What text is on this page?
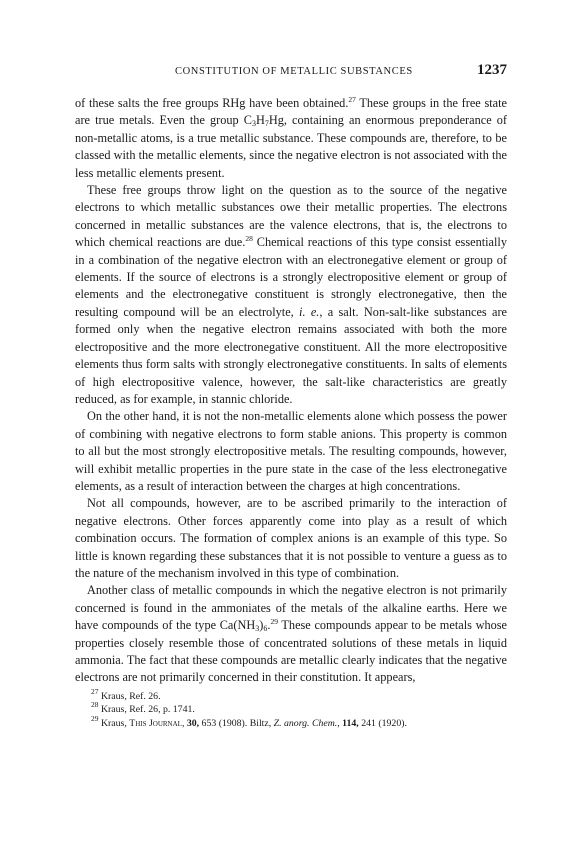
CONSTITUTION OF METALLIC SUBSTANCES	1237

of these salts the free groups RHg have been obtained.$^{27}$ These groups in the free state are true metals. Even the group $C_3H_7Hg$, containing an enormous preponderance of non-metallic atoms, is a true metallic substance. These compounds are, therefore, to be classed with the metallic elements, since the negative electron is not associated with the less metallic elements present.

These free groups throw light on the question as to the source of the negative electrons to which metallic substances owe their metallic properties. The electrons concerned in metallic substances are the valence electrons, that is, the electrons to which chemical reactions are due.$^{28}$ Chemical reactions of this type consist essentially in a combination of the negative electron with an electronegative element or group of elements. If the source of electrons is a strongly electropositive element or group of elements and the electronegative constituent is strongly electronegative, then the resulting compound will be an electrolyte, i. e., a salt. Non-salt-like substances are formed only when the negative electron remains associated with both the more electropositive and the more electronegative constituent. All the more electropositive elements thus form salts with strongly electronegative constituents. In salts of elements of high electropositive valence, however, the salt-like characteristics are greatly reduced, as for example, in stannic chloride.

On the other hand, it is not the non-metallic elements alone which possess the power of combining with negative electrons to form stable anions. This property is common to all but the most strongly electropositive metals. The resulting compounds, however, will exhibit metallic properties in the pure state in the case of the less electronegative elements, as a result of interaction between the charges at high concentrations.

Not all compounds, however, are to be ascribed primarily to the interaction of negative electrons. Other forces apparently come into play as a result of which combination occurs. The formation of complex anions is an example of this type. So little is known regarding these substances that it is not possible to venture a guess as to the nature of the mechanism involved in this type of combination.

Another class of metallic compounds in which the negative electron is not primarily concerned is found in the ammoniates of the metals of the alkaline earths. Here we have compounds of the type $Ca(NH_3)_6.^{29}$ These compounds appear to be metals whose properties closely resemble those of concentrated solutions of these metals in liquid ammonia. The fact that these compounds are metallic clearly indicates that the negative electrons are not primarily concerned in their constitution. It appears,

$^{27}$ Kraus, Ref. 26.
$^{28}$ Kraus, Ref. 26, p. 1741.
$^{29}$ Kraus, This Journal, 30, 653 (1908). Biltz, Z. anorg. Chem., 114, 241 (1920).
